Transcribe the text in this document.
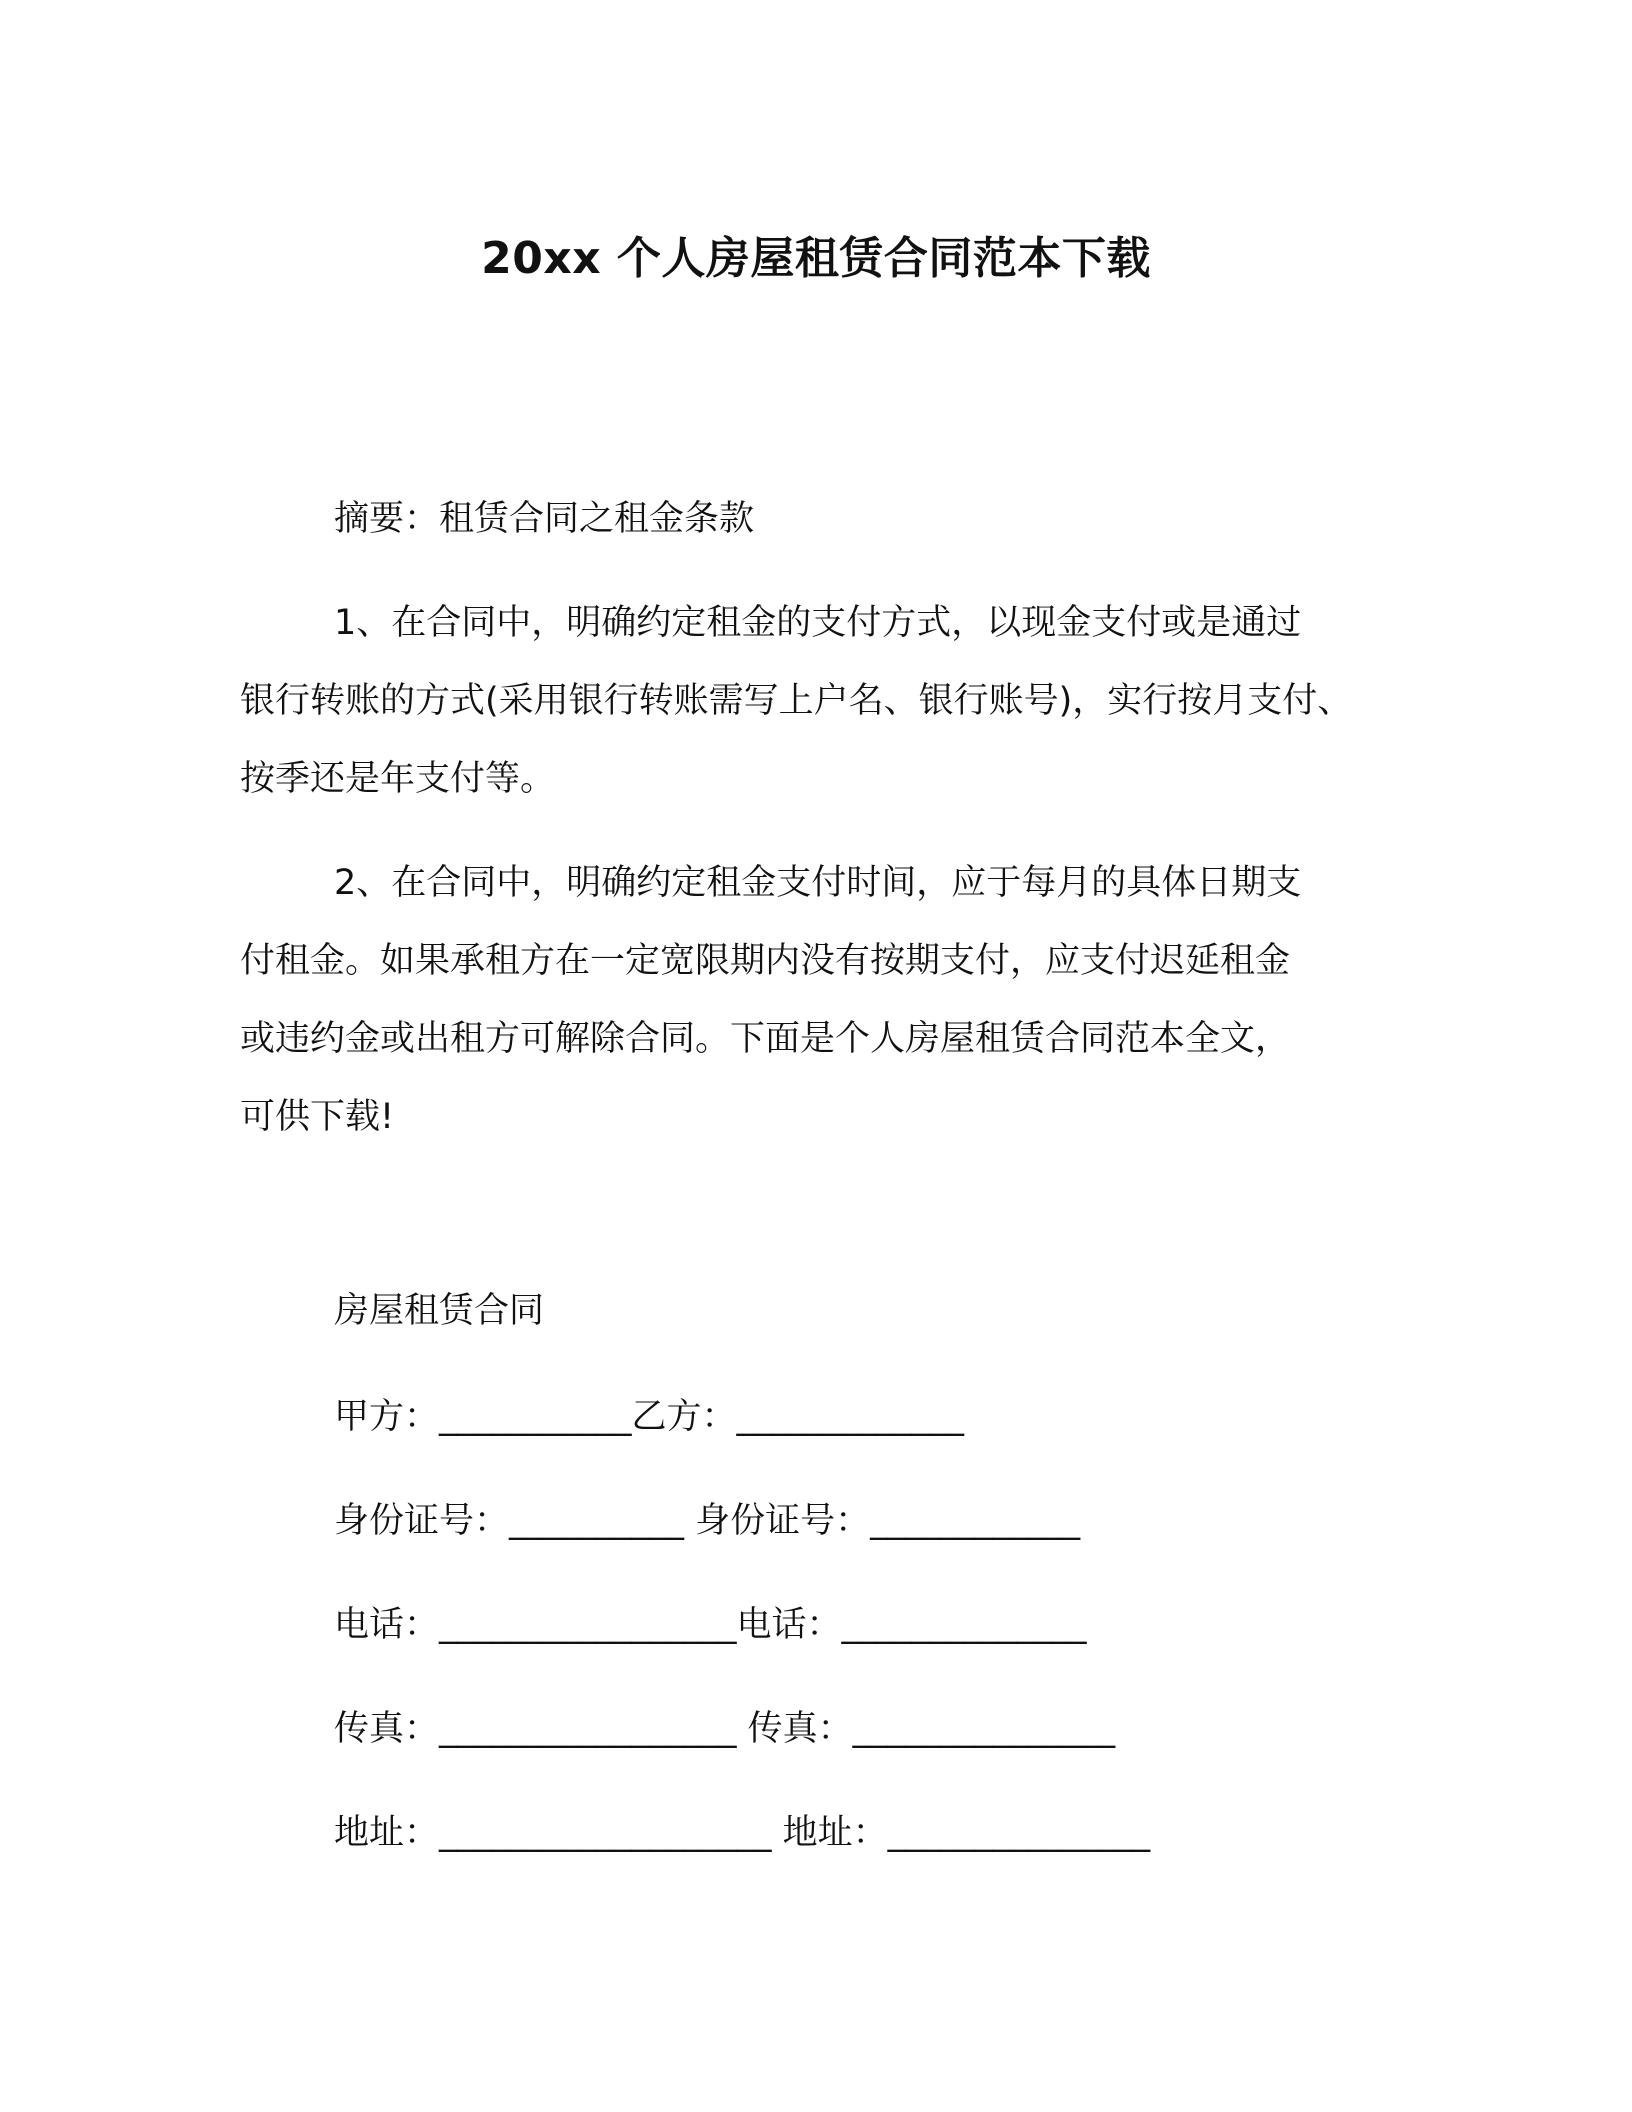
20xx 个人房屋租赁合同范本下载
摘要：租赁合同之租金条款
1、在合同中，明确约定租金的支付方式，以现金支付或是通过
银行转账的方式(采用银行转账需写上户名、银行账号)，实行按月支付、
按季还是年支付等。
2、在合同中，明确约定租金支付时间，应于每月的具体日期支
付租金。如果承租方在一定宽限期内没有按期支付，应支付迟延租金
或违约金或出租方可解除合同。下面是个人房屋租赁合同范本全文，
可供下载!
房屋租赁合同
甲方：___________乙方：_____________
身份证号：__________ 身份证号：____________
电话：_________________电话：______________
传真：_________________ 传真：_______________
地址：___________________ 地址：_______________
